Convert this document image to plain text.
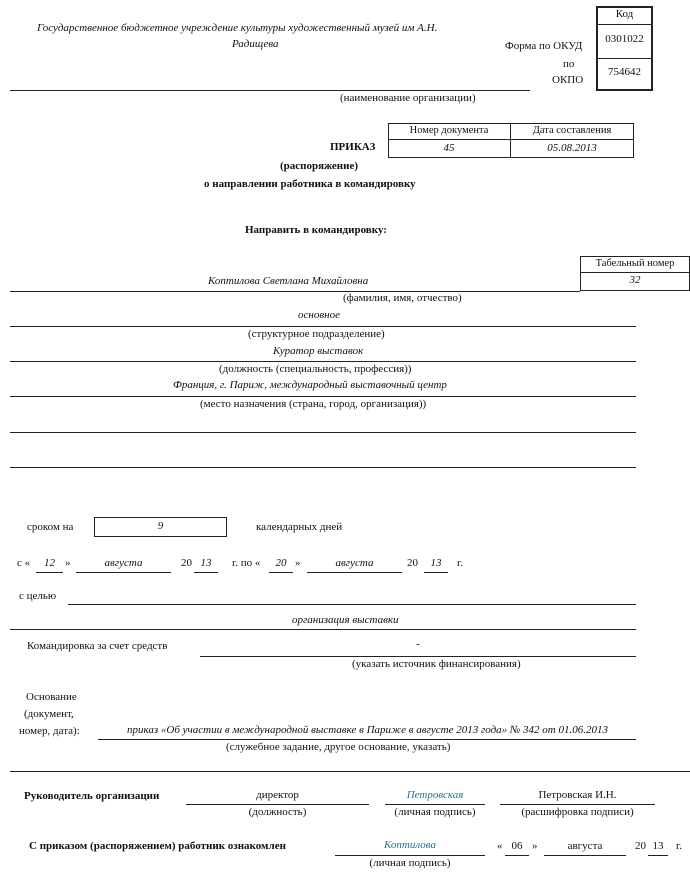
Государственное бюджетное учреждение культуры художественный музей им А.Н.
Радищева
(наименование организации)
Код
0301022
754642
Форма по ОКУД
по
ОКПО
Номер документа	Дата составления
45	05.08.2013
ПРИКАЗ
(распоряжение)
о направлении работника в командировку
Направить в командировку:
Табельный номер
32
Коптилова Светлана Михайловна
(фамилия, имя, отчество)
основное
(структурное подразделение)
Куратор выставок
(должность (специальность, профессия))
Франция, г. Париж, международный выставочный центр
(место назначения (страна, город, организация))
сроком на	9	календарных дней
с «	12 »	августа	20 13	г. по «	20 »	августа	20	13	г.
с целью
организация выставки
Командировка за счет средств	-
(указать источник финансирования)
Основание
(документ,
номер, дата):	приказ «Об участии в международной выставке в Париже в августе 2013 года» № 342 от 01.06.2013
(служебное задание, другое основание, указать)
Руководитель организации	директор
(должность)
Петровская
(личная подпись)
Петровская И.Н.
(расшифровка подписи)
С приказом (распоряжением) работник ознакомлен	Коптилова
(личная подпись)
« 06 »	августа	20 13	г.
